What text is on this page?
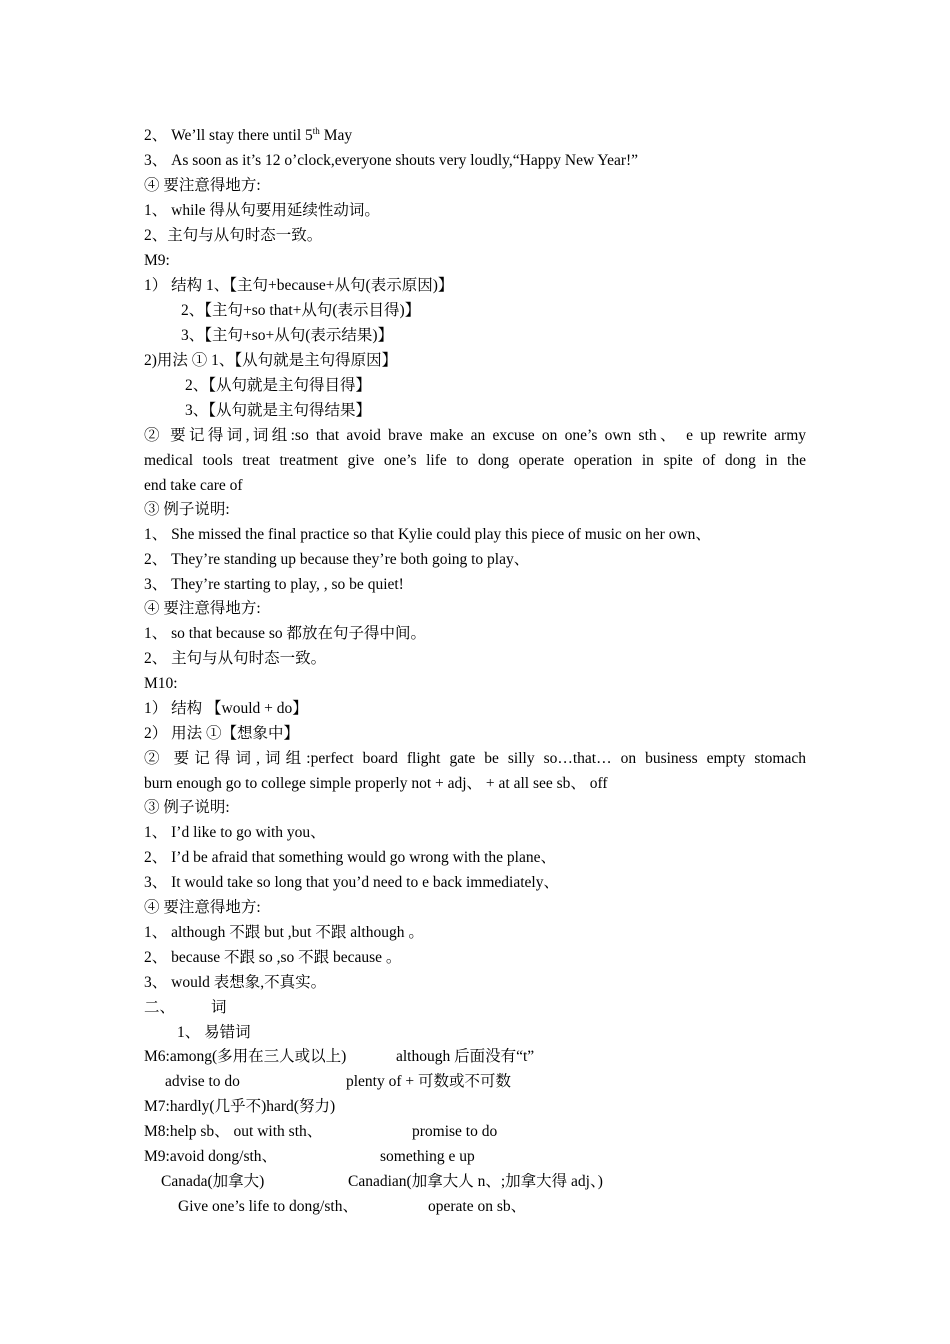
2、 We’ll stay there until 5th May
3、 As soon as it’s 12 o’clock,everyone shouts very loudly,“Happy New Year!”
④ 要注意得地方:
1、 while 得从句要用延续性动词。
2、主句与从句时态一致。
M9:
1） 结构 1、【主句+because+从句(表示原因)】
2、【主句+so that+从句(表示目得)】
3、【主句+so+从句(表示结果)】
2)用法 ① 1、【从句就是主句得原因】
2、【从句就是主句得目得】
3、【从句就是主句得结果】
② 要记得词,词组:so that avoid brave make an excuse on one’s own sth、 e up rewrite army
medical tools treat treatment give one’s life to dong operate operation in spite of dong in the
end take care of
③ 例子说明:
1、 She missed the final practice so that Kylie could play this piece of music on her own、
2、 They’re standing up because they’re both going to play、
3、 They’re starting to play, , so be quiet!
④ 要注意得地方:
1、 so that because so 都放在句子得中间。
2、 主句与从句时态一致。
M10:
1） 结构 【would + do】
2） 用法 ①【想象中】
② 要记得词,词组:perfect board flight gate be silly so…that… on business empty stomach
burn enough go to college simple properly not + adj、 + at all see sb、 off
③ 例子说明:
1、 I’d like to go with you、
2、 I’d be afraid that something would go wrong with the plane、
3、 It would take so long that you’d need to e back immediately、
④ 要注意得地方:
1、 although 不跟 but ,but 不跟 although 。
2、 because 不跟 so ,so 不跟 because 。
3、 would 表想象,不真实。
二、 词
1、 易错词
M6:among(多用在三人或以上)	although 后面没有“t”
advise to do	plenty of + 可数或不可数
M7:hardly(几乎不)hard(努力)
M8:help sb、 out with sth、	promise to do
M9:avoid dong/sth、	something e up
Canada(加拿大)	Canadian(加拿大人 n、;加拿大得 adj、)
Give one’s life to dong/sth、	operate on sb、
